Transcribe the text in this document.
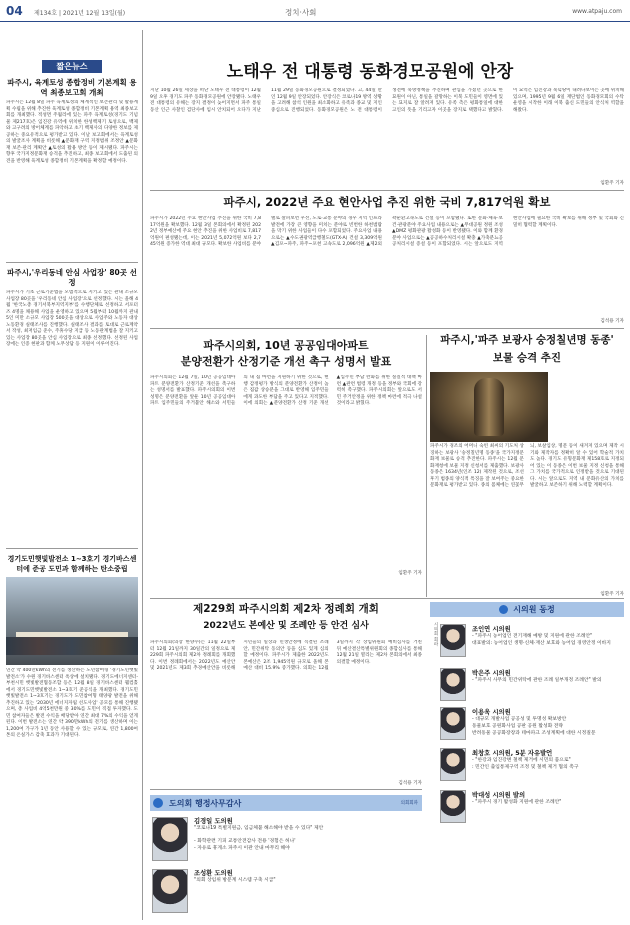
04 제134호 | 2021년 12월 13일(월)	정치·사회	www.atpaju.com
짧은뉴스
파주시, 육계토성 종합정비 기본계획 용역 최종보고회 개최
파주시는 12월 8일 파주 육계토성의 체계적인 보존관리 및 활용계획 수립을 위해 추진한 육계토성 종합정비 기본계획 용역 최종보고회를 개최했다. 적성면 주월리에 있는 파주 육계토성(경기도 기념물 제217호)은 임진강 유역에 위치한 한성백제기 토성으로, 백제와 고구려의 방어체계를 파악하고 초기 백제사의 다양한 정보를 제공하는 중요유적으로 평가받고 있다. 이날 보고회에서는 육계토성의 발굴조사 계획을 비롯해 ▲문화재 구역 지정범위 조정안 ▲문화재 보존·관리 계획안 ▲토성의 활용 방안 등이 제시됐다. 파주시는 향후 국가지정문화재 승격을 추진하고, 최종 보고회에서 도출된 의견을 반영해 육계토성 종합정비 기본계획을 확정할 예정이다.
파주시,'우리동네 안심 사업장' 80곳 선정
파주시가 기초 근로기준법을 모범적으로 지키고 있는 관내 소규모 사업장 80곳을 '우리동네 안심 사업장'으로 선정했다. 시는 올해 4월 '한국노총 경기서북부지역지부'를 수행단체로 선정하고 서포터즈 4명을 채용해 사업을 운영하고 있으며 5월부터 10월까지 관내 5인 미만 소규모 사업장 500곳을 대상으로 사업주와 노동자 대상 노동환경 실태조사를 진행했다. 실태조사 결과를 토대로 근로계약서 작성, 최저임금 준수, 주휴수당 지급 등 노동관계법을 잘 지키고 있는 사업장 80곳을 안심 사업장으로 최종 선정했다. 선정된 사업장에는 인증 현판과 함께 노무상담 등 지원이 이루어진다.
경기도민햇빛발전소 1~3호기 경기바스센터에 준공 도민과 함께하는 탄소중립
연간 약 400만kWh의 전기를 생산하는 도민참여형 '경기도민햇빛발전소'가 수원 경기바스센터 옥상에 설치됐다. 경기도에너지센터-부천시민 햇빛발전협동조합 등은 12월 8일 경기바스센터 웰컴홀에서 경기도민햇빛발전소 1~3호기 준공식을 개최했다. 경기도민햇빛발전소 1~3호기는 경기도가 도민참여형 태양광 발전을 위해 추진하고 있는 '2030년 에너지자립 선도사업' 공모를 통해 진행됐으며, 총 사업비 4억5천만원 중 30%를 도민이 직접 투자했다. 도민 참여자들은 발전 수익을 배당받아 연간 최대 7%의 수익을 얻게 된다. 이번 발전소는 연간 약 390만kWh의 전기를 생산하며 이는 1,200여 가구가 1년 동안 사용할 수 있는 규모로, 연간 1,800여 톤의 온실가스 감축 효과가 기대된다.
노태우 전 대통령 동화경모공원에 안장
지난 10월 26일 세상을 떠난 노태우 전 대통령이 12월 9일 오후 경기도 파주 동화경모공원에 안장됐다. 노태우 전 대통령의 유해는 장지 결정이 늦어지면서 파주 통일동산 인근 사찰인 검단사에 임시 안치되어 오다가 지난 11월 29일 동화경모공원으로 결정되었다. 고, 44일 만인 12월 9일 안장되었다. 안장식은 코로나19 방역 상황을 고려해 참석 인원을 최소화하고 유족과 종교 및 지인 중심으로 진행되었다. 동화경모공원은 노 전 대통령이 생전에 북방정책을 추진하며 관심을 가졌던 곳으로 한 묘원이 아닌, 통일을 갈망하는 이북 도민들이 영면에 있는 묘지로 잘 알려져 있다. 유족 측은 평화통일에 대한 고인의 뜻을 기리고자 이곳을 장지로 택했다고 밝혔다. 이 묘역은 임진강과 북녘땅이 내려다보이는 곳에 위치해 있으며, 1995년 9월 6일 재단법인 동화경모회의 수탁 운영을 시작한 이래 이북 출신 도민들의 안식처 역할을 해왔다.
임환주 기자
파주시, 2022년 주요 현안사업 추진 위한 국비 7,817억원 확보
파주시가 2022년 주요 현안사업 추진을 위한 국비 7,817억원을 확보했다. 12월 3일 본회의에서 확정된 2022년 정부예산에 주요 현안 추진을 위한 사업비로 7,817억원이 편성됐는데, 이는 2021년 5,072억원 보다 2,745억원 증가한 역대 최대 규모다. 확보한 사업비를 분야별로 살펴보면 우선, 도로·교통 분야의 경우 지역 인프라 발전에 가장 큰 영향을 미치는 분야로 빈번한 하천범람을 막기 위한 사업들이 다수 포함되었다. 주요사업 내용으로는 ▲수도권광역급행철도(GTX-A) 건설 3,309억원 ▲김포~파주, 파주~포천 고속도로 2,096억원 ▲제2외곽순환고속도로 건설 등이 포함됐다. 또한 문화·체육·보건·관광분야 주요사업 내용으로는 ▲무대공원 정원 조성 ▲DMZ 평화관광 활성화 등이 반영됐다. 이와 함께 환경 분야 사업으로는 ▲공공하수처리시설 확충 ▲가축분뇨공공처리시설 증설 등이 포함되었다. 시는 앞으로도 지역 현안사업에 필요한 국비 확보를 위해 정부 및 국회와 긴밀히 협력할 계획이다.
김석용 기자
파주시의회, 10년 공공임대아파트
분양전환가 산정기준 개선 촉구 성명서 발표
파주시의회는 12월 7일, 10년 공공임대아파트 분양전환가 산정기준 개선을 촉구하는 성명서를 발표했다. 파주시의회의 이번 성명은 분양전환을 앞둔 10년 공공임대아파트 입주민들의 주거불안 해소와 서민들의 내 집 마련을 지원하기 위한 것으로, 현행 감정평가 방식의 분양전환가 산정이 높은 집값 상승분을 그대로 반영해 입주민들에게 과도한 부담을 주고 있다고 지적했다. 이에 의회는 ▲분양전환가 산정 기준 개선 ▲입주민 부담 완화를 위한 실질적 대책 마련 ▲관련 법령 개정 등을 정부와 국회에 강력히 촉구했다. 파주시의회는 앞으로도 서민 주거안정을 위한 정책 마련에 적극 나설 것이라고 밝혔다.
임환주 기자
파주시,'파주 보광사 숭정칠년명 동종'
보물 승격 추진
파주시가 경조의 어머니 숙빈 최씨의 기도처 상징하는 보광사 '숭정칠년명 동종'을 국가지정문화재 보물로 승격 추진한다. 파주시는 12월 문화재청에 보물 지정 신청서를 제출했다. 보광사 동종은 1634년(인조 12) 제작된 것으로, 조선 후기 범종의 양식적 특징을 잘 보여주는 중요한 문화재로 평가받고 있다. 종의 몸체에는 연꽃무늬, 보살입상, 명문 등이 새겨져 있으며 제작 시기와 제작자를 정확히 알 수 있어 학술적 가치도 높다. 경기도 유형문화재 제158호로 지정되어 있는 이 동종은 이번 보물 지정 신청을 통해 그 가치를 국가적으로 인정받을 것으로 기대된다. 시는 앞으로도 지역 내 문화유산의 가치를 발굴하고 보존하기 위해 노력할 계획이다.
임환주 기자
제229회 파주시의회 제2차 정례회 개회
2022년도 본예산 및 조례안 등 안건 심사
파주시의회(의장 한양수)는 11월 22일부터 12월 21일까지 30일간의 일정으로 제229회 파주시의회 제2차 정례회를 개회했다. 이번 정례회에서는 2022년도 예산안 및 2021년도 제3회 추경예산안을 비롯해 시민들의 일상과 민생안정에 직결된 조례안, 민간위탁 동의안 등을 심도 있게 심의할 예정이다. 파주시가 제출한 2022년도 본예산은 2조 1,945억원 규모로 올해 본예산 대비 15.9% 증가했다. 의회는 12월 3일까지 각 상임위원회 예비심사를 거친 뒤 예산결산특별위원회의 종합심사를 통해 12월 21일 열리는 제2차 본회의에서 최종 의결할 예정이다.
김석용 기자
도의회 행정사무감사	의회회파
김경일 도의원
"코로나19 특별지원금, 임금체불 해소해야 받을 수 있다" 제안
- 화학관련 기피 교통안전감사 전용 '경험은 허나'
- 자유로 휴게소 파주시 이관 안내 마무리 해야
조성환 도의원
"의회 상임위 방문계 시스템 구축 시급"
시의원 동정
시의회 회파	조인연 시의원
- "파주시 농어업인 전기재해 예방 및 지원에 관한 조례안"
대표발의: 농어업인 생명·신체·재산 보호와 농어업 경영안정 이바지
박은주 시의원
- "파주시 사무의 민간위탁에 관한 조례 일부개정 조례안" 발의
이용욱 시의원
- 대규모 개발사업 공공성 및 투명성 확보방안
동물보호 공원화사업 공판 공원 활성화 전략
반려동물 공공화장장과 테마파크 조성계획에 대한 시정질문
최창호 시의원, 5분 자유발언
- "한강과 임진강변 철책 제거에 시민의 품으로"
: 민간인 출입통제구역 조정 및 철책 제거 협의 촉구
박대성 시의원 발의
- "파주시 경기 활성화 지원에 관한 조례안"
